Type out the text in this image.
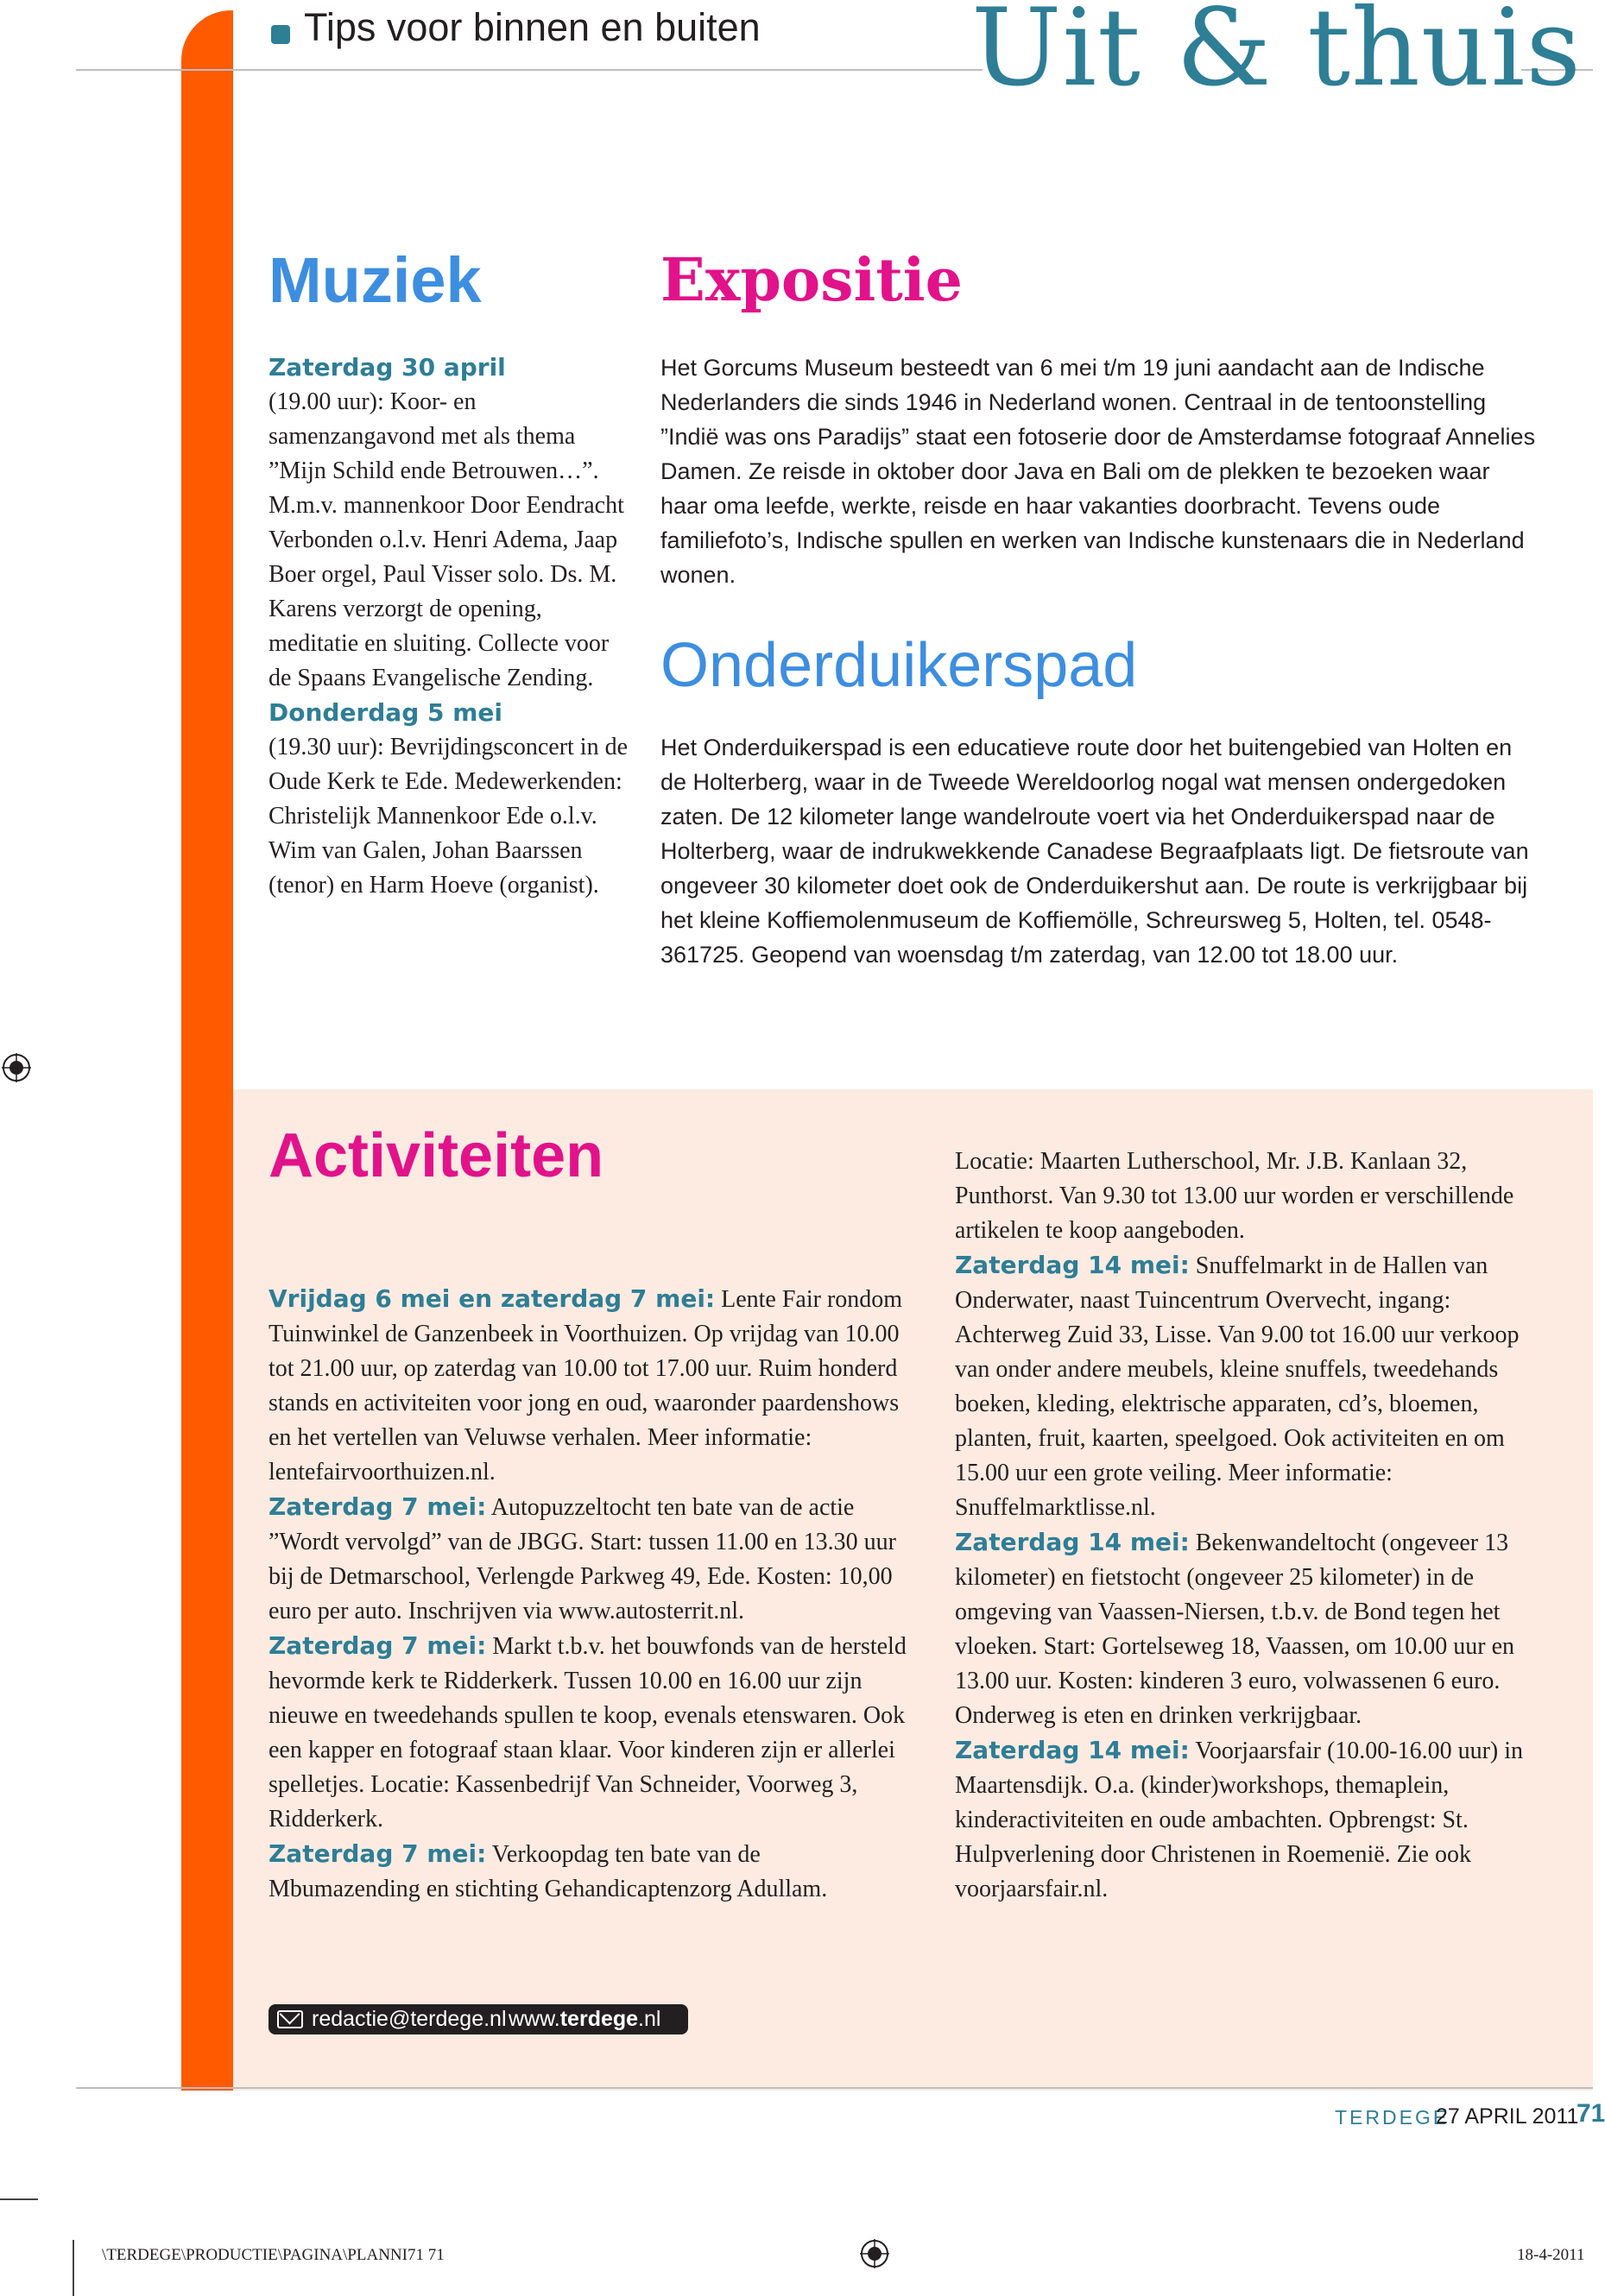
Tips voor binnen en buiten Uit & thuis
Muziek

Zaterdag 30 april
(19.00 uur): Koor- en samenzangavond met als thema ”Mijn Schild ende Betrouwen…”. M.m.v. mannenkoor Door Eendracht Verbonden o.l.v. Henri Adema, Jaap Boer orgel, Paul Visser solo. Ds. M. Karens verzorgt de opening, meditatie en sluiting. Collecte voor de Spaans Evangelische Zending.

Donderdag 5 mei
(19.30 uur): Bevrijdingsconcert in de Oude Kerk te Ede. Medewerkenden: Christelijk Mannenkoor Ede o.l.v. Wim van Galen, Johan Baarssen (tenor) en Harm Hoeve (organist).

Expositie
Het Gorcums Museum besteedt van 6 mei t/m 19 juni aandacht aan de Indische Nederlanders die sinds 1946 in Nederland wonen. Centraal in de tentoonstelling ”Indië was ons Paradijs” staat een fotoserie door de Amsterdamse fotograaf Annelies Damen. Ze reisde in oktober door Java en Bali om de plekken te bezoeken waar haar oma leefde, werkte, reisde en haar vakanties doorbracht. Tevens oude familiefoto’s, Indische spullen en werken van Indische kunstenaars die in Nederland wonen.
Onderduikerspad
Het Onderduikerspad is een educatieve route door het buitengebied van Holten en de Holterberg, waar in de Tweede Wereldoorlog nogal wat mensen ondergedoken zaten. De 12 kilometer lange wandelroute voert via het Onderduikerspad naar de Holterberg, waar de indrukwekkende Canadese Begraafplaats ligt. De fietsroute van ongeveer 30 kilometer doet ook de Onderduikershut aan. De route is verkrijgbaar bij het kleine Koffiemolenmuseum de Koffiemölle, Schreursweg 5, Holten, tel. 0548-361725. Geopend van woensdag t/m zaterdag, van 12.00 tot 18.00 uur.
Activiteiten

Vrijdag 6 mei en zaterdag 7 mei: Lente Fair rondom Tuinwinkel de Ganzenbeek in Voorthuizen. Op vrijdag van 10.00 tot 21.00 uur, op zaterdag van 10.00 tot 17.00 uur. Ruim honderd stands en activiteiten voor jong en oud, waaronder paardenshows en het vertellen van Veluwse verhalen. Meer informatie: lentefairvoorthuizen.nl.

Zaterdag 7 mei: Autopuzzeltocht ten bate van de actie ”Wordt vervolgd” van de JBGG. Start: tussen 11.00 en 13.30 uur bij de Detmarschool, Verlengde Parkweg 49, Ede. Kosten: 10,00 euro per auto. Inschrijven via www.autosterrit.nl.

Zaterdag 7 mei: Markt t.b.v. het bouwfonds van de hersteld hevormde kerk te Ridderkerk. Tussen 10.00 en 16.00 uur zijn nieuwe en tweedehands spullen te koop, evenals etenswaren. Ook een kapper en fotograaf staan klaar. Voor kinderen zijn er allerlei spelletjes. Locatie: Kassenbedrijf Van Schneider, Voorweg 3, Ridderkerk.

Zaterdag 7 mei: Verkoopdag ten bate van de Mbumazending en stichting Gehandicaptenzorg Adullam.

Locatie: Maarten Lutherschool, Mr. J.B. Kanlaan 32, Punthorst. Van 9.30 tot 13.00 uur worden er verschillende artikelen te koop aangeboden.

Zaterdag 14 mei: Snuffelmarkt in de Hallen van Onderwater, naast Tuincentrum Overvecht, ingang: Achterweg Zuid 33, Lisse. Van 9.00 tot 16.00 uur verkoop van onder andere meubels, kleine snuffels, tweedehands boeken, kleding, elektrische apparaten, cd’s, bloemen, planten, fruit, kaarten, speelgoed. Ook activiteiten en om 15.00 uur een grote veiling. Meer informatie: Snuffelmarktlisse.nl.

Zaterdag 14 mei: Bekenwandeltocht (ongeveer 13 kilometer) en fietstocht (ongeveer 25 kilometer) in de omgeving van Vaassen-Niersen, t.b.v. de Bond tegen het vloeken. Start: Gortelseweg 18, Vaassen, om 10.00 uur en 13.00 uur. Kosten: kinderen 3 euro, volwassenen 6 euro. Onderweg is eten en drinken verkrijgbaar.

Zaterdag 14 mei: Voorjaarsfair (10.00-16.00 uur) in Maartensdijk. O.a. (kinder)workshops, themaplein, kinderactiviteiten en oude ambachten. Opbrengst: St. Hulpverlening door Christenen in Roemenië. Zie ook voorjaarsfair.nl.

redactie@terdege.nl www.terdege.nl
TERDEGE
27 APRIL 2011
71
\TERDEGE\PRODUCTIE\PAGINA\PLANNI71 71	18-4-2011
